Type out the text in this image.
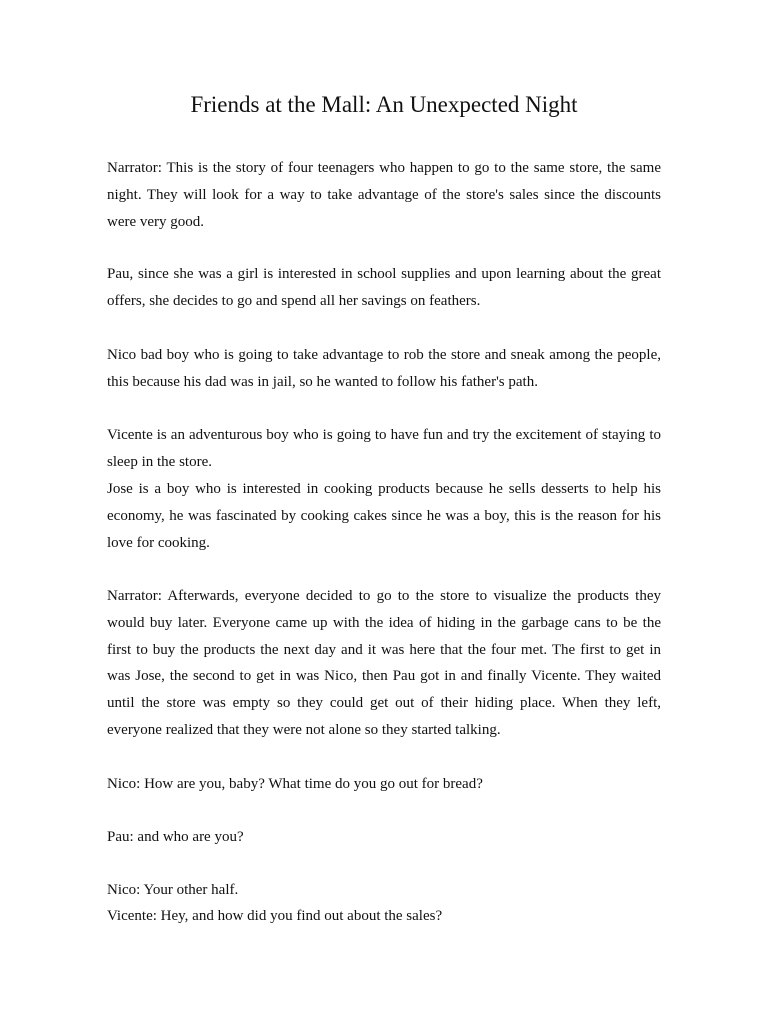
Friends at the Mall: An Unexpected Night

Narrator: This is the story of four teenagers who happen to go to the same store, the same night. They will look for a way to take advantage of the store's sales since the discounts were very good.

Pau, since she was a girl is interested in school supplies and upon learning about the great offers, she decides to go and spend all her savings on feathers.

Nico bad boy who is going to take advantage to rob the store and sneak among the people, this because his dad was in jail, so he wanted to follow his father's path.

Vicente is an adventurous boy who is going to have fun and try the excitement of staying to sleep in the store.

Jose is a boy who is interested in cooking products because he sells desserts to help his economy, he was fascinated by cooking cakes since he was a boy, this is the reason for his love for cooking.

Narrator: Afterwards, everyone decided to go to the store to visualize the products they would buy later. Everyone came up with the idea of hiding in the garbage cans to be the first to buy the products the next day and it was here that the four met. The first to get in was Jose, the second to get in was Nico, then Pau got in and finally Vicente. They waited until the store was empty so they could get out of their hiding place. When they left, everyone realized that they were not alone so they started talking.

Nico: How are you, baby? What time do you go out for bread?

Pau: and who are you?

Nico: Your other half.

Vicente: Hey, and how did you find out about the sales?
